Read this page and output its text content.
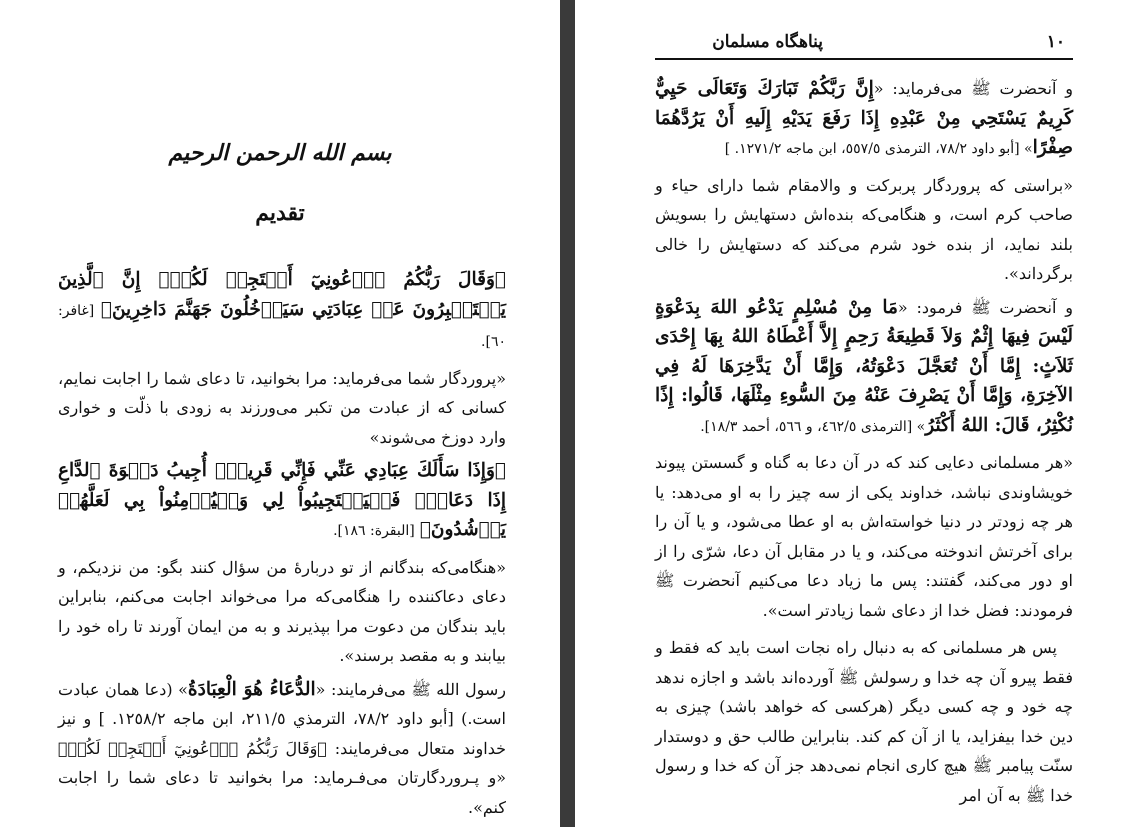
بسم الله الرحمن الرحيم
تقديم

﴿وَقَالَ رَبُّكُمُ ٱدۡعُونِيٓ أَسۡتَجِبۡ لَكُمۡۚ إِنَّ ٱلَّذِينَ يَسۡتَكۡبِرُونَ عَنۡ عِبَادَتِي سَيَدۡخُلُونَ جَهَنَّمَ دَاخِرِينَ﴾ [غافر: ٦٠].

«پروردگار شما می‌فرماید: مرا بخوانید، تا دعای شما را اجابت نمایم، کسانی که از عبادت من تکبر می‌ورزند به زودی با ذلّت و خواری وارد دوزخ می‌شوند»

﴿وَإِذَا سَأَلَكَ عِبَادِي عَنِّي فَإِنِّي قَرِيبٌۖ أُجِيبُ دَعۡوَةَ ٱلدَّاعِ إِذَا دَعَانِۖ فَلۡيَسۡتَجِيبُواْ لِي وَلۡيُؤۡمِنُواْ بِي لَعَلَّهُمۡ يَرۡشُدُونَ﴾ [البقرة: ١٨٦].

«هنگامی‌که بندگانم از تو دربارۀ من سؤال کنند بگو: من نزدیکم، و دعای دعاکننده را هنگامی‌که مرا می‌خواند اجابت می‌کنم، بنابراین باید بندگان من دعوت مرا بپذیرند و به من ایمان آورند تا راه خود را بیابند و به مقصد برسند».

رسول الله ﷺ می‌فرمایند: «الدُّعَاءُ هُوَ الْعِبَادَةُ» (دعا همان عبادت است.) [أبو داود ٧٨/٢، الترمذي ٢١١/٥، ابن ماجه ١٢٥٨/٢. ] و نیز خداوند متعال می‌فرمایند: ﴿وَقَالَ رَبُّكُمُ ٱدۡعُونِيٓ أَسۡتَجِبۡ لَكُمۡ﴾ «و پـروردگارتان می‌فـرماید: مرا بخوانید تا دعای شما را اجابت کنم».

١٠
پناهگاه مسلمان

و آنحضرت ﷺ می‌فرماید: «إِنَّ رَبَّكُمْ تَبَارَكَ وَتَعَالَى حَيِيٌّ كَرِيمٌ يَسْتَحِي مِنْ عَبْدِهِ إِذَا رَفَعَ يَدَيْهِ إِلَيهِ أَنْ يَرُدَّهُمَا صِفْرًا» [أبو داود ٧٨/٢، الترمذی ٥٥٧/٥، ابن ماجه ١٢٧١/٢. ]

«براستی که پروردگار پربرکت و والامقام شما دارای حیاء و صاحب کرم است، و هنگامی‌که بنده‌اش دستهایش را بسویش بلند نماید، از بنده خود شرم می‌کند که دستهایش را خالی برگرداند».

و آنحضرت ﷺ فرمود: «مَا مِنْ مُسْلِمٍ يَدْعُو اللهَ بِدَعْوَةٍ لَيْسَ فِيهَا إِثْمٌ وَلاَ قَطِيعَةُ رَحِمٍ إِلاَّ أَعْطَاهُ اللهُ بِهَا إِحْدَى ثَلاَثٍ: إِمَّا أَنْ تُعَجَّلَ دَعْوَتُهُ، وَإِمَّا أَنْ يَدَّخِرَهَا لَهُ فِي الآخِرَةِ، وَإِمَّا أَنْ يَصْرِفَ عَنْهُ مِنَ السُّوءِ مِثْلَهَا، قَالُوا: إِذًا نُكْثِرُ، قَالَ: اللهُ أَكْثَرُ» [الترمذی ٤٦٢/٥، و ٥٦٦، أحمد ١٨/٣].

«هر مسلمانی دعایی کند که در آن دعا به گناه و گسستن پیوند خویشاوندی نباشد، خداوند یکی از سه چیز را به او می‌دهد: یا هر چه زودتر در دنیا خواسته‌اش به او عطا می‌شود، و یا آن را برای آخرتش اندوخته می‌کند، و یا در مقابل آن دعا، شرّی را از او دور می‌کند، گفتند: پس ما زیاد دعا می‌کنیم آنحضرت ﷺ فرمودند: فضل خدا از دعای شما زیادتر است».

پس هر مسلمانی که به دنبال راه نجات است باید که فقط و فقط پیرو آن چه خدا و رسولش ﷺ آورده‌اند باشد و اجازه ندهد چه خود و چه کسی دیگر (هرکسی که خواهد باشد) چیزی به دین خدا بیفزاید، یا از آن کم کند. بنابراین طالب حق و دوستدار سنّت پیامبر ﷺ هیچ کاری انجام نمی‌دهد جز آن که خدا و رسول خدا ﷺ به آن امر
